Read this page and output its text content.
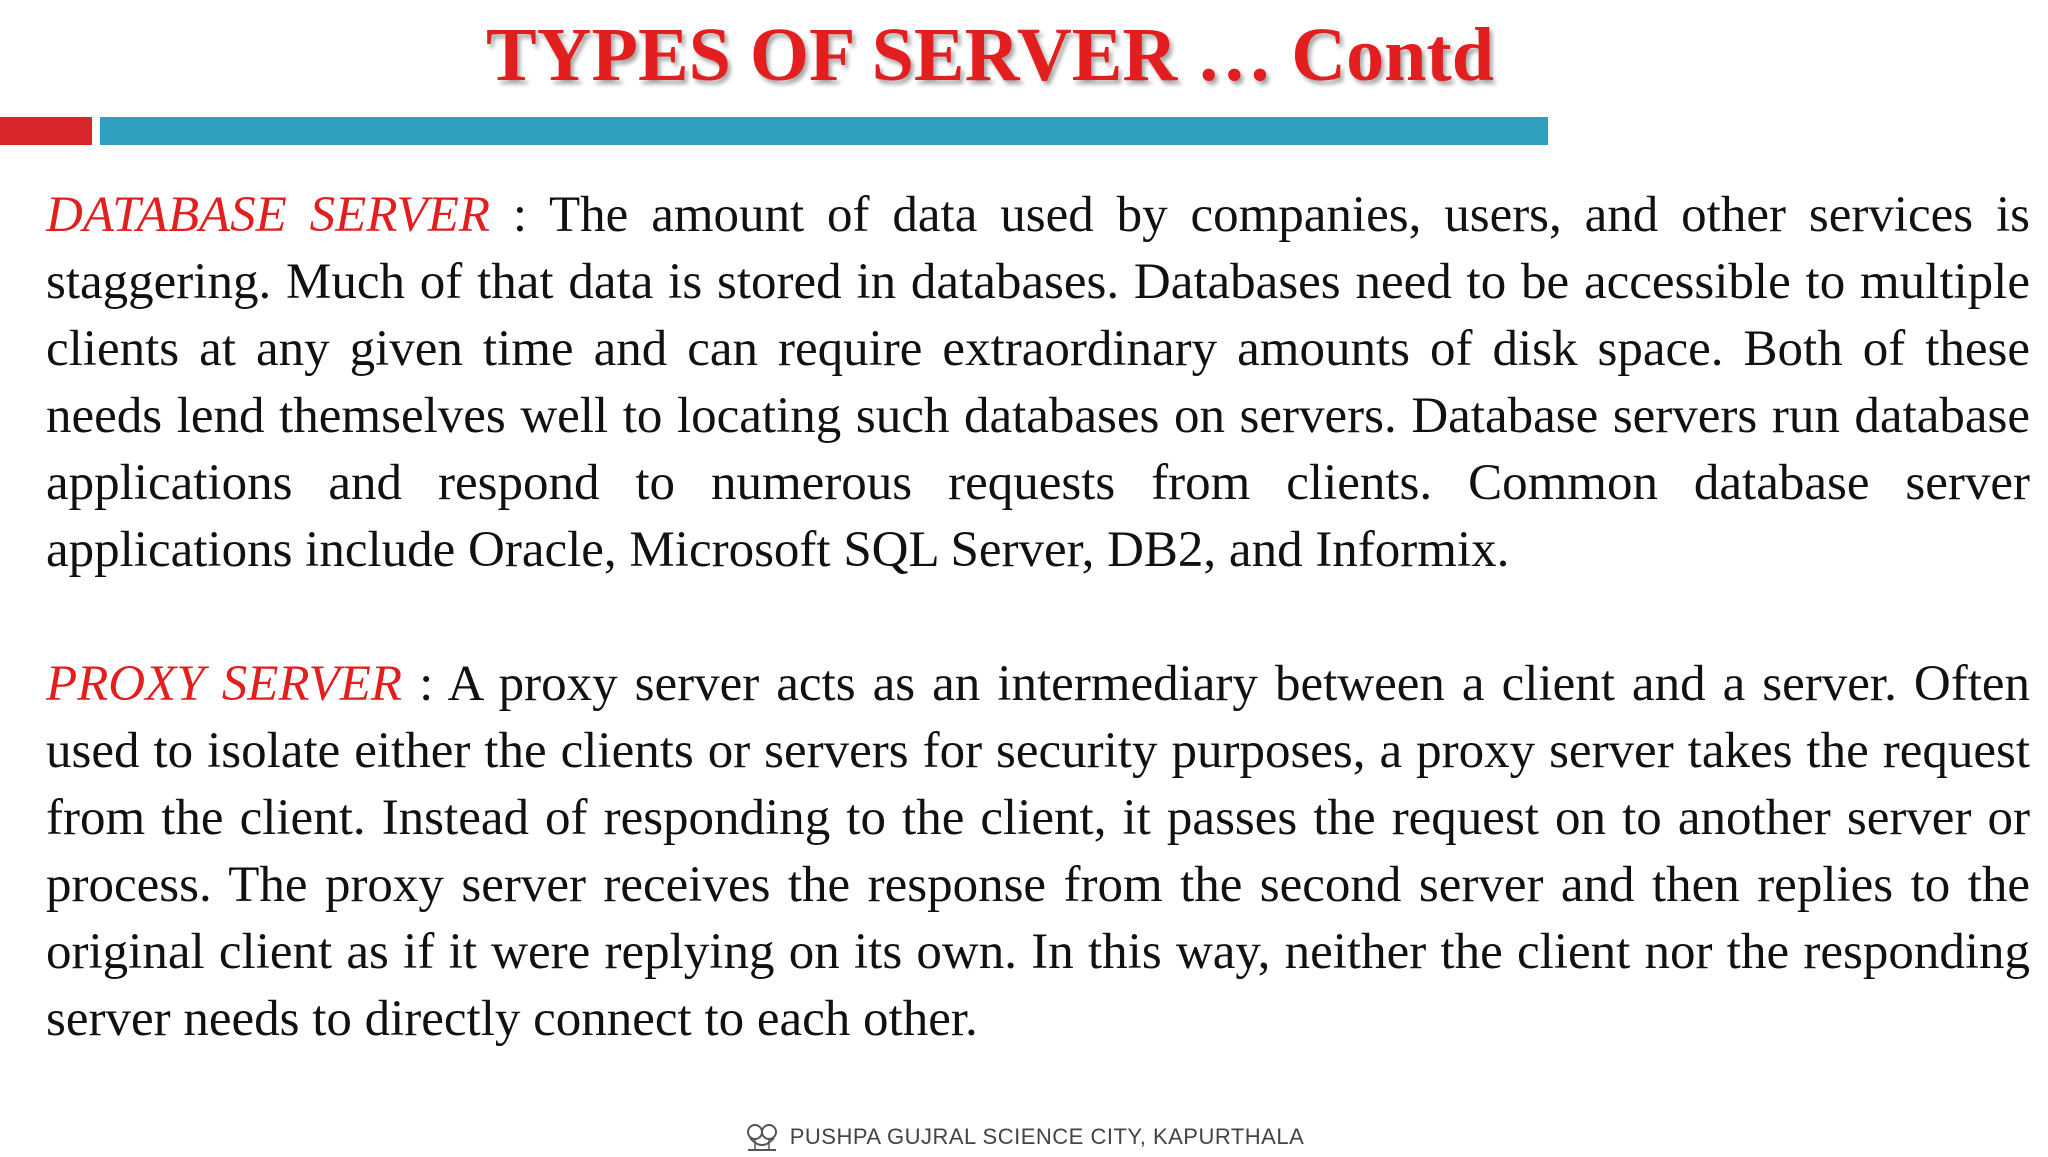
TYPES OF SERVER … Contd

DATABASE SERVER : The amount of data used by companies, users, and other services is staggering. Much of that data is stored in databases. Databases need to be accessible to multiple clients at any given time and can require extraordinary amounts of disk space. Both of these needs lend themselves well to locating such databases on servers. Database servers run database applications and respond to numerous requests from clients. Common database server applications include Oracle, Microsoft SQL Server, DB2, and Informix.

PROXY SERVER : A proxy server acts as an intermediary between a client and a server. Often used to isolate either the clients or servers for security purposes, a proxy server takes the request from the client. Instead of responding to the client, it passes the request on to another server or process. The proxy server receives the response from the second server and then replies to the original client as if it were replying on its own. In this way, neither the client nor the responding server needs to directly connect to each other.

PUSHPA GUJRAL SCIENCE CITY, KAPURTHALA
